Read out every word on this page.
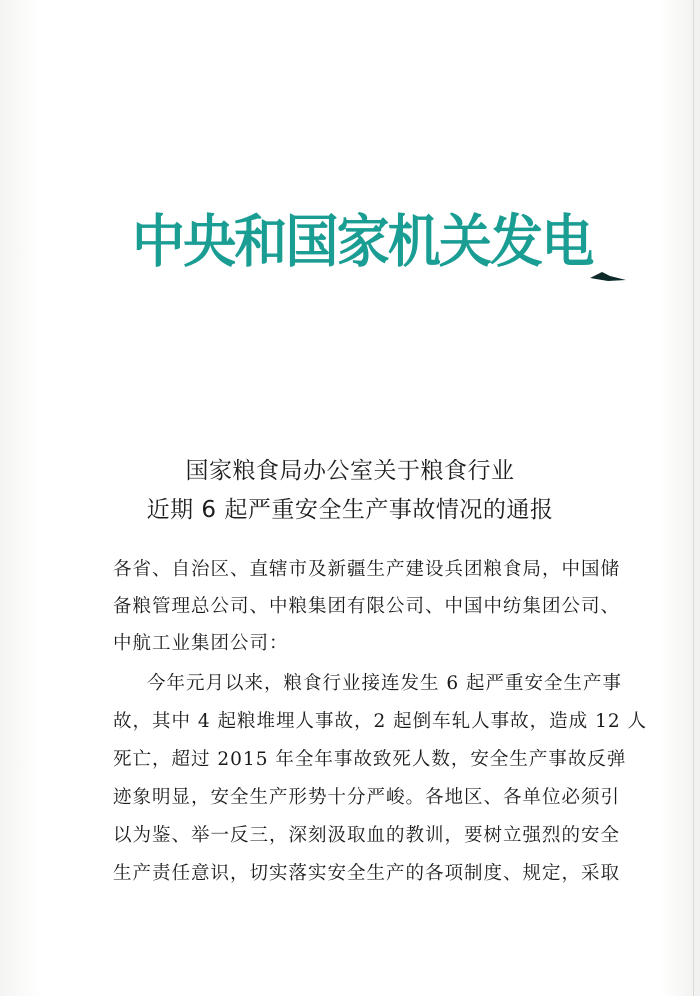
中央和国家机关发电
国家粮食局办公室关于粮食行业
近期 6 起严重安全生产事故情况的通报
各省、自治区、直辖市及新疆生产建设兵团粮食局，中国储
备粮管理总公司、中粮集团有限公司、中国中纺集团公司、
中航工业集团公司：
今年元月以来，粮食行业接连发生 6 起严重安全生产事
故，其中 4 起粮堆埋人事故，2 起倒车轧人事故，造成 12 人
死亡，超过 2015 年全年事故致死人数，安全生产事故反弹
迹象明显，安全生产形势十分严峻。各地区、各单位必须引
以为鉴、举一反三，深刻汲取血的教训，要树立强烈的安全
生产责任意识，切实落实安全生产的各项制度、规定，采取
